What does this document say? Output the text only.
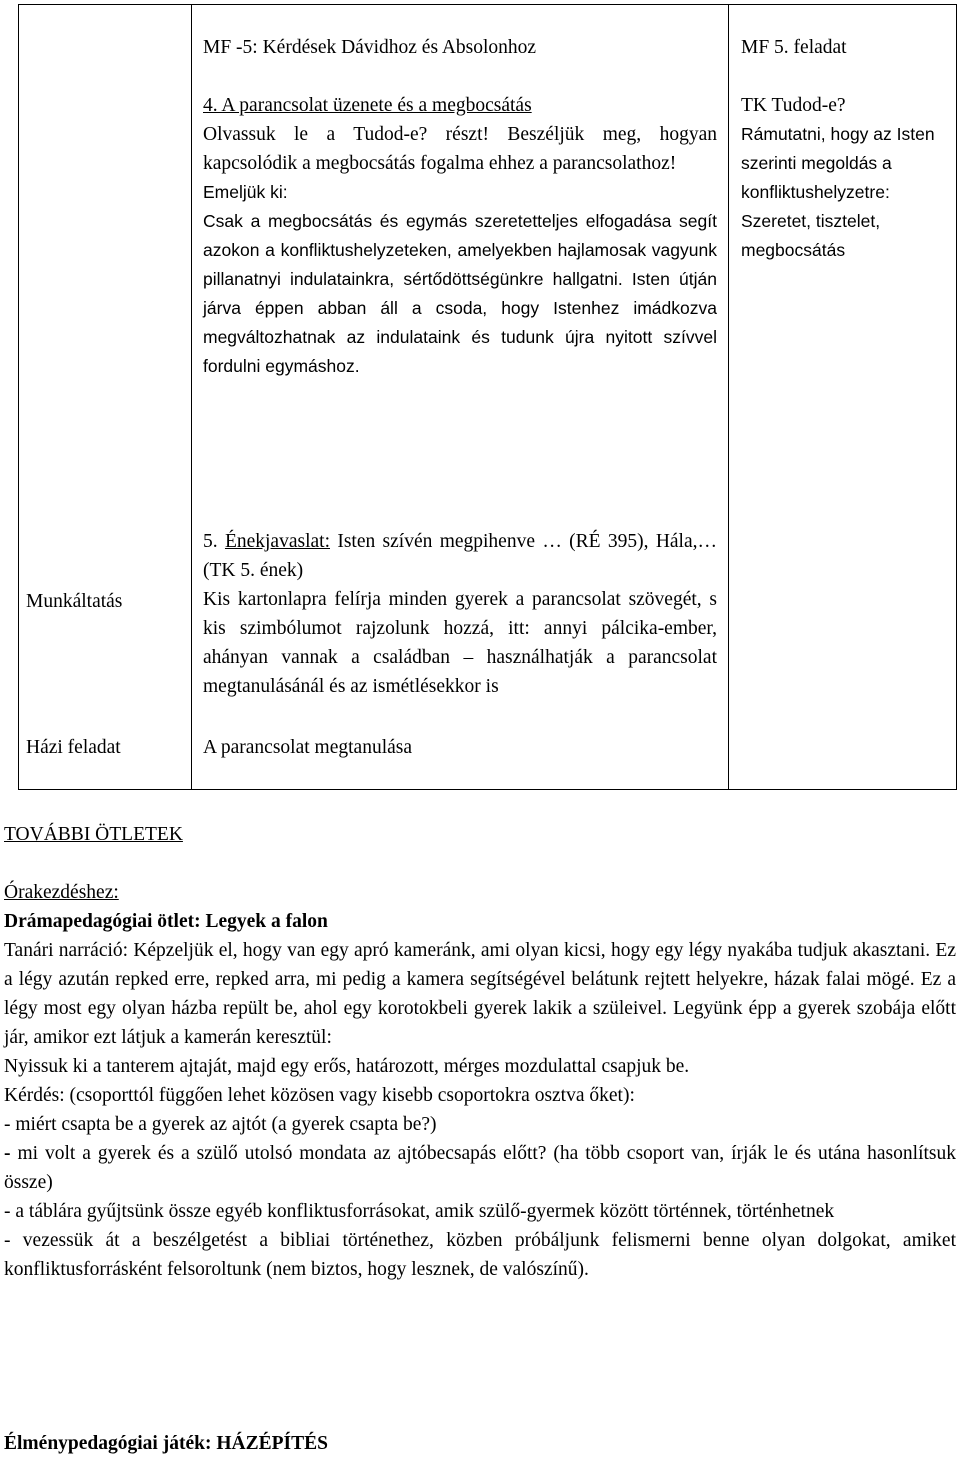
MF -5: Kérdések Dávidhoz és Absolonhoz

4. A parancsolat üzenete és a megbocsátás

Olvassuk le a Tudod-e? részt! Beszéljük meg, hogyan kapcsolódik a megbocsátás fogalma ehhez a parancsolathoz!

Emeljük ki:

Csak a megbocsátás és egymás szeretetteljes elfogadása segít azokon a konfliktushelyzeteken, amelyekben hajlamosak vagyunk pillanatnyi indulatainkra, sértődöttségünkre hallgatni. Isten útján járva éppen abban áll a csoda, hogy Istenhez imádkozva megváltozhatnak az indulataink és tudunk újra nyitott szívvel fordulni egymáshoz.

MF 5. feladat

TK Tudod-e?

Rámutatni, hogy az Isten szerinti megoldás a konfliktushelyzetre: Szeretet, tisztelet, megbocsátás

Munkáltatás

5. Énekjavaslat: Isten szívén megpihenve … (RÉ 395), Hála,…(TK 5. ének)

Kis kartonlapra felírja minden gyerek a parancsolat szövegét, s kis szimbólumot rajzolunk hozzá, itt: annyi pálcika-ember, ahányan vannak a családban – használhatják a parancsolat megtanulásánál és az ismétlésekkor is

Házi feladat	A parancsolat megtanulása

TOVÁBBI ÖTLETEK

Órakezdéshez:

Drámapedagógiai ötlet: Legyek a falon

Tanári narráció: Képzeljük el, hogy van egy apró kameránk, ami olyan kicsi, hogy egy légy nyakába tudjuk akasztani. Ez a légy azután repked erre, repked arra, mi pedig a kamera segítségével belátunk rejtett helyekre, házak falai mögé. Ez a légy most egy olyan házba repült be, ahol egy korotokbeli gyerek lakik a szüleivel. Legyünk épp a gyerek szobája előtt jár, amikor ezt látjuk a kamerán keresztül:

Nyissuk ki a tanterem ajtaját, majd egy erős, határozott, mérges mozdulattal csapjuk be.

Kérdés: (csoporttól függően lehet közösen vagy kisebb csoportokra osztva őket):

- miért csapta be a gyerek az ajtót (a gyerek csapta be?)

- mi volt a gyerek és a szülő utolsó mondata az ajtóbecsapás előtt? (ha több csoport van, írják le és utána hasonlítsuk össze)

- a táblára gyűjtsünk össze egyéb konfliktusforrásokat, amik szülő-gyermek között történnek, történhetnek

- vezessük át a beszélgetést a bibliai történethez, közben próbáljunk felismerni benne olyan dolgokat, amiket konfliktusforrásként felsoroltunk (nem biztos, hogy lesznek, de valószínű).

Élménypedagógiai játék: HÁZÉPÍTÉS
